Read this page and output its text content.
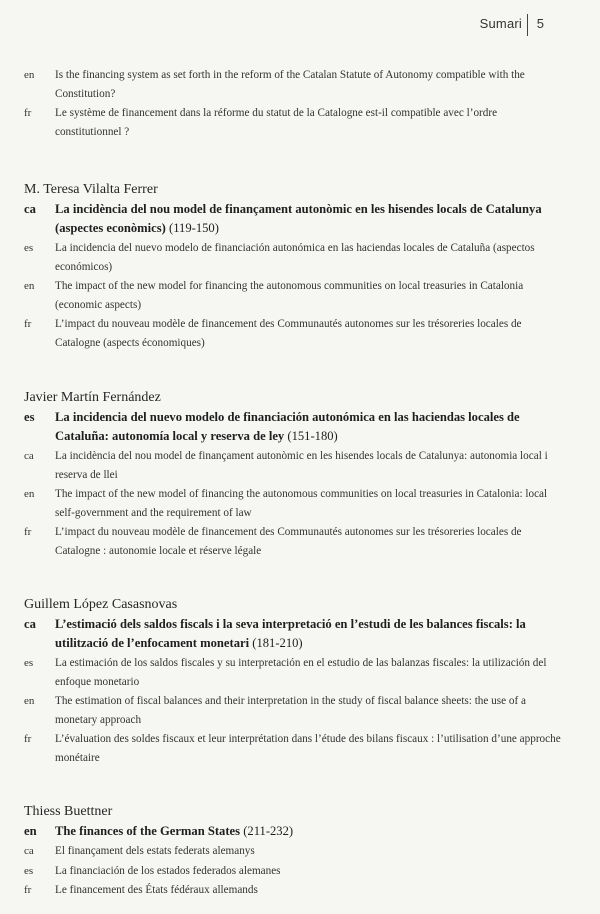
Sumari 5
en Is the financing system as set forth in the reform of the Catalan Statute of Autonomy compatible with the Constitution?
fr Le système de financement dans la réforme du statut de la Catalogne est-il compatible avec l’ordre constitutionnel ?
M. Teresa Vilalta Ferrer
ca La incidència del nou model de finançament autonòmic en les hisendes locals de Catalunya (aspectes econòmics) (119-150)
es La incidencia del nuevo modelo de financiación autonómica en las haciendas locales de Cataluña (aspectos económicos)
en The impact of the new model for financing the autonomous communities on local treasuries in Catalonia (economic aspects)
fr L’impact du nouveau modèle de financement des Communautés autonomes sur les trésoreries locales de Catalogne (aspects économiques)
Javier Martín Fernández
es La incidencia del nuevo modelo de financiación autonómica en las haciendas locales de Cataluña: autonomía local y reserva de ley (151-180)
ca La incidència del nou model de finançament autonòmic en les hisendes locals de Catalunya: autonomia local i reserva de llei
en The impact of the new model of financing the autonomous communities on local treasuries in Catalonia: local self-government and the requirement of law
fr L’impact du nouveau modèle de financement des Communautés autonomes sur les trésoreries locales de Catalogne : autonomie locale et réserve légale
Guillem López Casasnovas
ca L’estimació dels saldos fiscals i la seva interpretació en l’estudi de les balances fiscals: la utilització de l’enfocament monetari (181-210)
es La estimación de los saldos fiscales y su interpretación en el estudio de las balanzas fiscales: la utilización del enfoque monetario
en The estimation of fiscal balances and their interpretation in the study of fiscal balance sheets: the use of a monetary approach
fr L’évaluation des soldes fiscaux et leur interprétation dans l’étude des bilans fiscaux : l’utilisation d’une approche monétaire
Thiess Buettner
en The finances of the German States (211-232)
ca El finançament dels estats federats alemanys
es La financiación de los estados federados alemanes
fr Le financement des États fédéraux allemands
